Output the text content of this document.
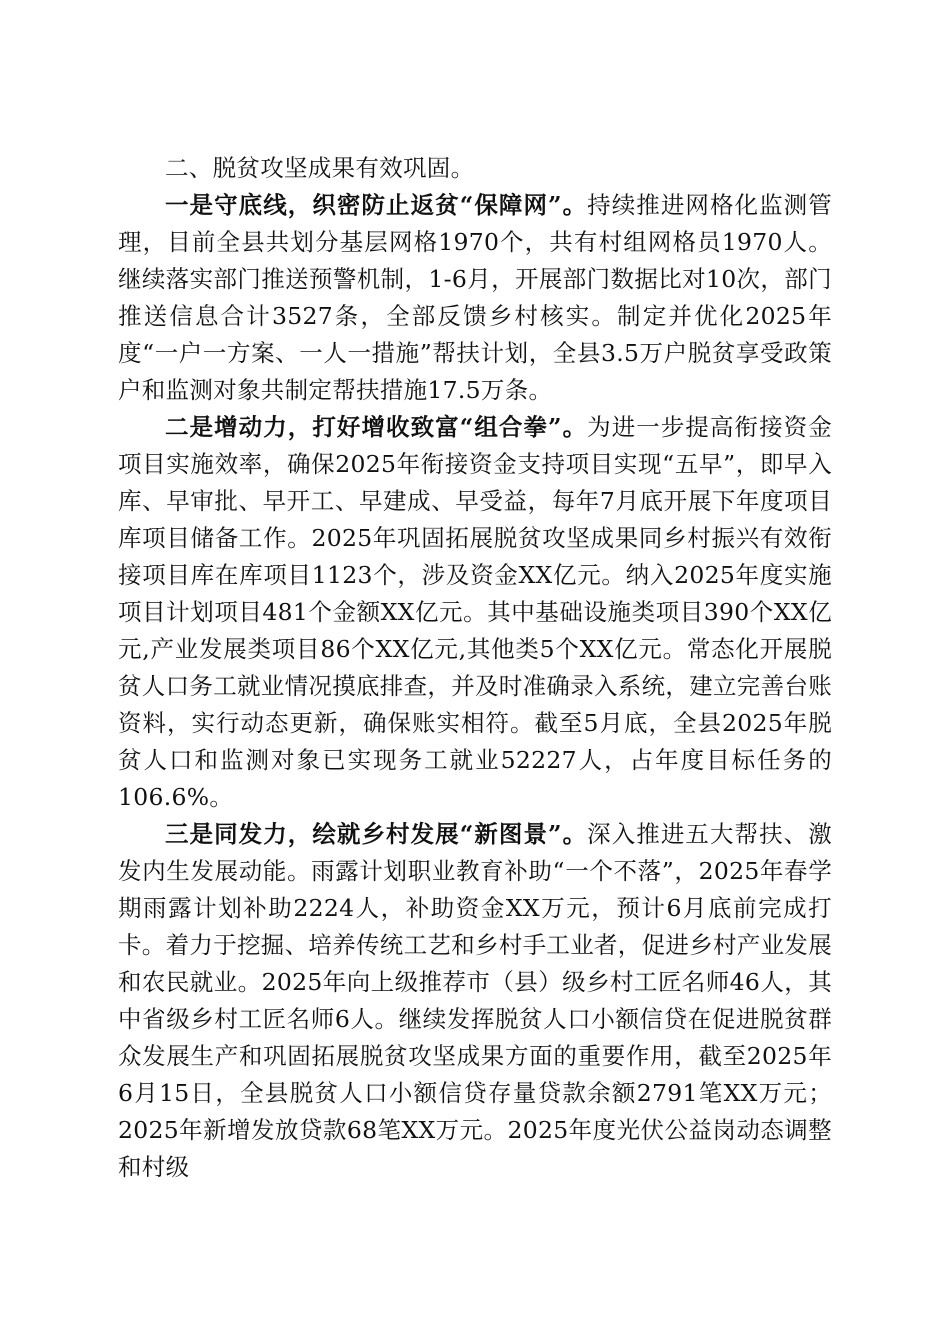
二、脱贫攻坚成果有效巩固。

一是守底线，织密防止返贫“保障网”。持续推进网格化监测管理，目前全县共划分基层网格1970个，共有村组网格员1970人。继续落实部门推送预警机制，1-6月，开展部门数据比对10次，部门推送信息合计3527条，全部反馈乡村核实。制定并优化2025年度“一户一方案、一人一措施”帮扶计划，全县3.5万户脱贫享受政策户和监测对象共制定帮扶措施17.5万条。

二是增动力，打好增收致富“组合拳”。为进一步提高衔接资金项目实施效率，确保2025年衔接资金支持项目实现“五早”，即早入库、早审批、早开工、早建成、早受益，每年7月底开展下年度项目库项目储备工作。2025年巩固拓展脱贫攻坚成果同乡村振兴有效衔接项目库在库项目1123个，涉及资金XX亿元。纳入2025年度实施项目计划项目481个金额XX亿元。其中基础设施类项目390个XX亿元,产业发展类项目86个XX亿元,其他类5个XX亿元。常态化开展脱贫人口务工就业情况摸底排查，并及时准确录入系统，建立完善台账资料，实行动态更新，确保账实相符。截至5月底，全县2025年脱贫人口和监测对象已实现务工就业52227人，占年度目标任务的106.6%。

三是同发力，绘就乡村发展“新图景”。深入推进五大帮扶、激发内生发展动能。雨露计划职业教育补助“一个不落”，2025年春学期雨露计划补助2224人，补助资金XX万元，预计6月底前完成打卡。着力于挖掘、培养传统工艺和乡村手工业者，促进乡村产业发展和农民就业。2025年向上级推荐市（县）级乡村工匠名师46人，其中省级乡村工匠名师6人。继续发挥脱贫人口小额信贷在促进脱贫群众发展生产和巩固拓展脱贫攻坚成果方面的重要作用，截至2025年6月15日，全县脱贫人口小额信贷存量贷款余额2791笔XX万元；2025年新增发放贷款68笔XX万元。2025年度光伏公益岗动态调整和村级
